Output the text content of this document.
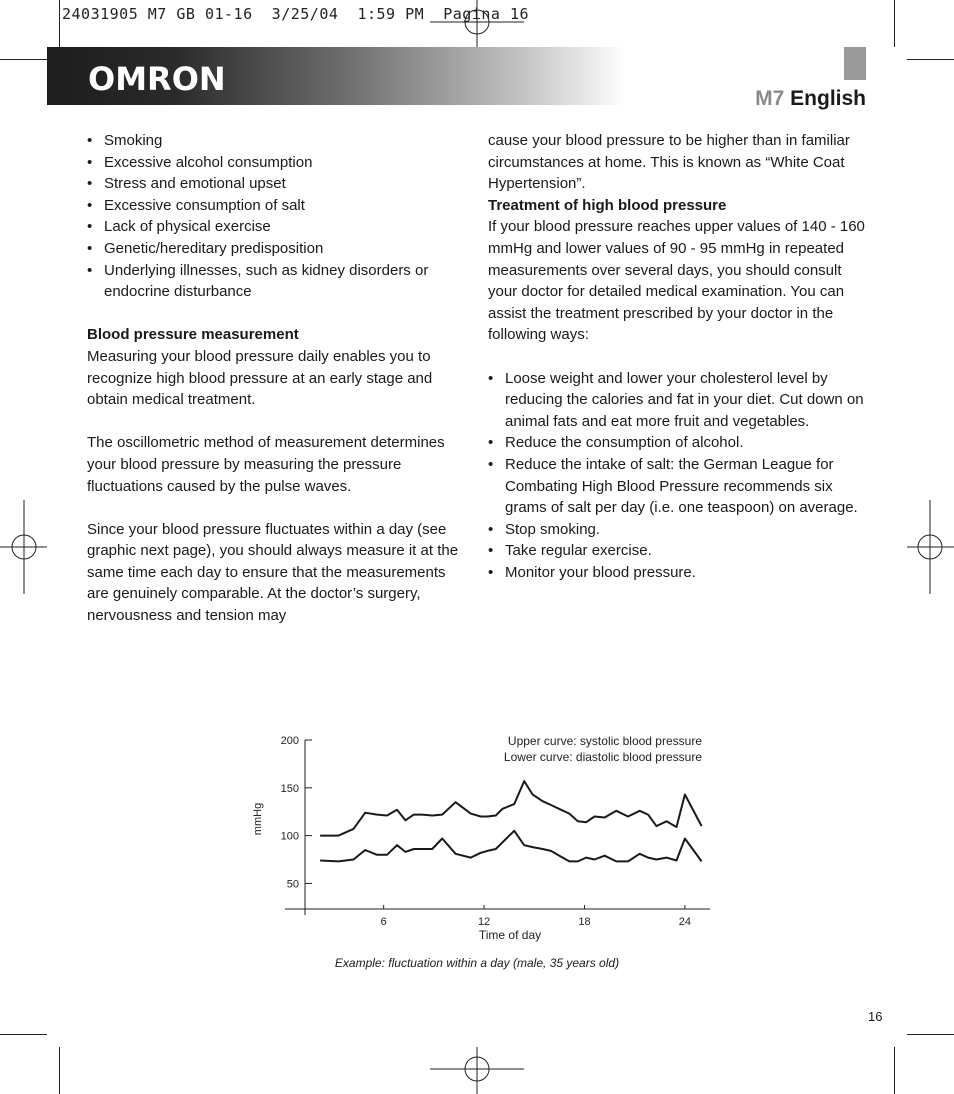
24031905 M7 GB 01-16  3/25/04  1:59 PM  Pagina 16
OMRON
M7 English
• Smoking
• Excessive alcohol consumption
• Stress and emotional upset
• Excessive consumption of salt
• Lack of physical exercise
• Genetic/hereditary predisposition
• Underlying illnesses, such as kidney disorders or endocrine disturbance

Blood pressure measurement

Measuring your blood pressure daily enables you to recognize high blood pressure at an early stage and obtain medical treatment.

The oscillometric method of measurement determines your blood pressure by measuring the pressure fluctuations caused by the pulse waves.

Since your blood pressure fluctuates within a day (see graphic next page), you should always measure it at the same time each day to ensure that the measurements are genuinely comparable. At the doctor’s surgery, nervousness and tension may

cause your blood pressure to be higher than in familiar circumstances at home. This is known as “White Coat Hypertension”.

Treatment of high blood pressure

If your blood pressure reaches upper values of 140 - 160 mmHg and lower values of 90 - 95 mmHg in repeated measurements over several days, you should consult your doctor for detailed medical examination. You can assist the treatment prescribed by your doctor in the following ways:

• Loose weight and lower your cholesterol level by reducing the calories and fat in your diet. Cut down on animal fats and eat more fruit and vegetables.
• Reduce the consumption of alcohol.
• Reduce the intake of salt: the German League for Combating High Blood Pressure recommends six grams of salt per day (i.e. one teaspoon) on average.
• Stop smoking.
• Take regular exercise.
• Monitor your blood pressure.
50
100
150
200
6	12	18	24
Upper curve: systolic blood pressure
Lower curve: diastolic blood pressure
Time of day
mmHg
Example: fluctuation within a day (male, 35 years old)
16
